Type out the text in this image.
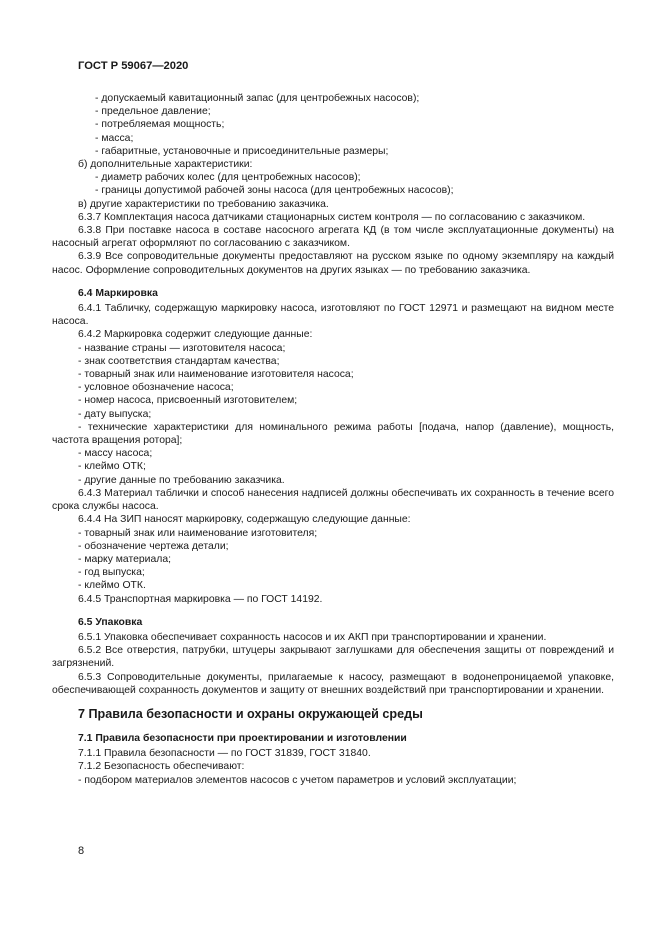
ГОСТ Р 59067—2020
- допускаемый кавитационный запас (для центробежных насосов);
- предельное давление;
- потребляемая мощность;
- масса;
- габаритные, установочные и присоединительные размеры;
б) дополнительные характеристики:
- диаметр рабочих колес (для центробежных насосов);
- границы допустимой рабочей зоны насоса (для центробежных насосов);
в) другие характеристики по требованию заказчика.
6.3.7 Комплектация насоса датчиками стационарных систем контроля — по согласованию с заказчиком.
6.3.8 При поставке насоса в составе насосного агрегата КД (в том числе эксплуатационные документы) на насосный агрегат оформляют по согласованию с заказчиком.
6.3.9 Все сопроводительные документы предоставляют на русском языке по одному экземпляру на каждый насос. Оформление сопроводительных документов на других языках — по требованию заказчика.
6.4 Маркировка
6.4.1 Табличку, содержащую маркировку насоса, изготовляют по ГОСТ 12971 и размещают на видном месте насоса.
6.4.2 Маркировка содержит следующие данные:
- название страны — изготовителя насоса;
- знак соответствия стандартам качества;
- товарный знак или наименование изготовителя насоса;
- условное обозначение насоса;
- номер насоса, присвоенный изготовителем;
- дату выпуска;
- технические характеристики для номинального режима работы [подача, напор (давление), мощность, частота вращения ротора];
- массу насоса;
- клеймо ОТК;
- другие данные по требованию заказчика.
6.4.3 Материал таблички и способ нанесения надписей должны обеспечивать их сохранность в течение всего срока службы насоса.
6.4.4 На ЗИП наносят маркировку, содержащую следующие данные:
- товарный знак или наименование изготовителя;
- обозначение чертежа детали;
- марку материала;
- год выпуска;
- клеймо ОТК.
6.4.5 Транспортная маркировка — по ГОСТ 14192.
6.5 Упаковка
6.5.1 Упаковка обеспечивает сохранность насосов и их АКП при транспортировании и хранении.
6.5.2 Все отверстия, патрубки, штуцеры закрывают заглушками для обеспечения защиты от повреждений и загрязнений.
6.5.3 Сопроводительные документы, прилагаемые к насосу, размещают в водонепроницаемой упаковке, обеспечивающей сохранность документов и защиту от внешних воздействий при транспортировании и хранении.
7 Правила безопасности и охраны окружающей среды
7.1 Правила безопасности при проектировании и изготовлении
7.1.1 Правила безопасности — по ГОСТ 31839, ГОСТ 31840.
7.1.2 Безопасность обеспечивают:
- подбором материалов элементов насосов с учетом параметров и условий эксплуатации;
8
